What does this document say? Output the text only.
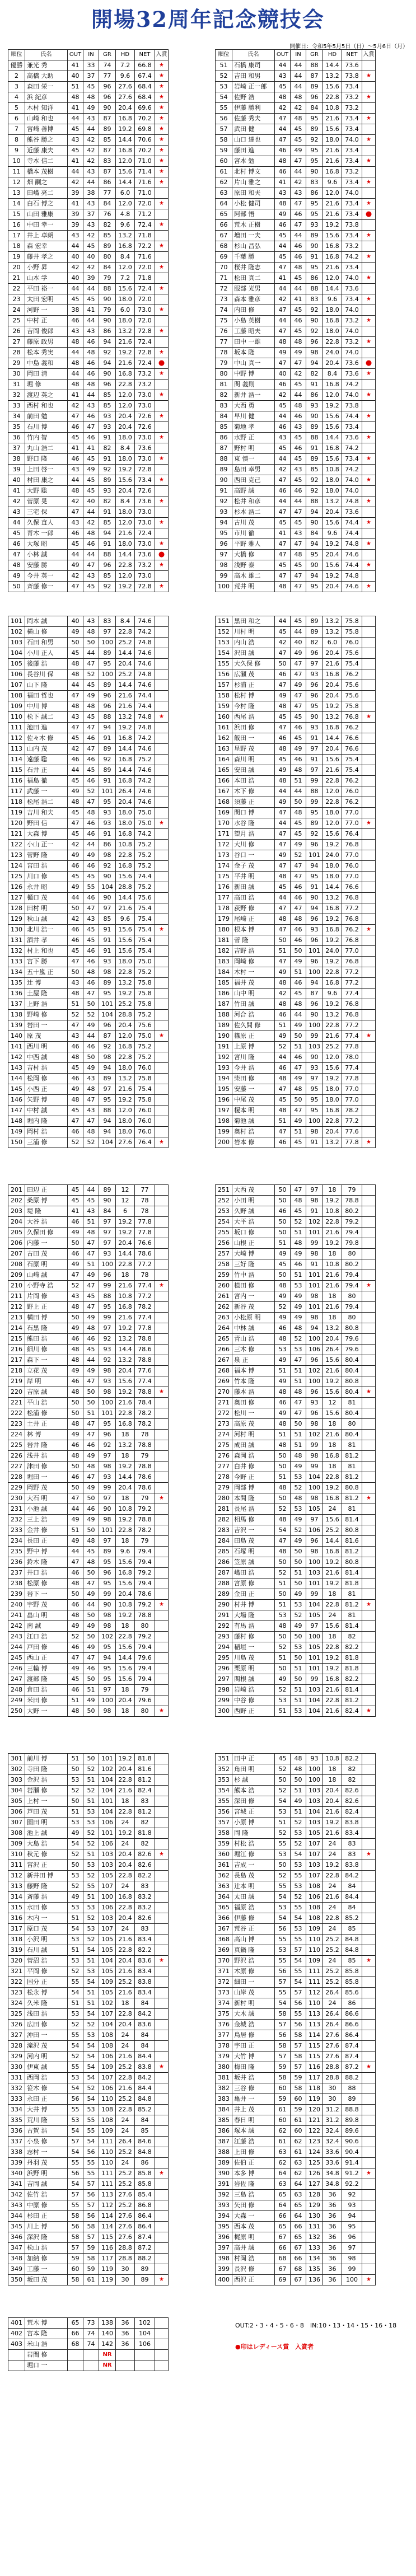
開場32周年記念競技会
開催日：令和5年5月5日（日）～5月6日（月）
順位	氏名	OUT	IN	GR	HD	NET	入賞
優勝	兼光 秀	41	33	74	7.2	66.8	★
2	高橋 大助	40	37	77	9.6	67.4	★
3	森田 栄一	51	45	96	27.6	68.4	★
4	浜 紀彦	48	48	96	27.6	68.4	★
5	木村 知洋	41	49	90	20.4	69.6	★
6	山崎 和也	44	43	87	16.8	70.2	★
7	宮崎 善博	45	44	89	19.2	69.8	★
8	熊谷 勝之	43	42	85	14.4	70.6	★
9	近藤 康夫	45	42	87	16.8	70.2	★
10	寺本 信二	41	42	83	12.0	71.0	★
11	橋本 茂樹	44	43	87	15.6	71.4	★
12	畑 嗣之	42	44	86	14.4	71.6	★
13	田嶋 亮二	39	38	77	6.0	71.0	
14	白石 博之	41	43	84	12.0	72.0	★
15	山田 雅康	39	37	76	4.8	71.2	
16	中田 幸一	39	43	82	9.6	72.4	★
17	井上 卓朗	43	42	85	13.2	71.8	
18	森 宏幸	44	45	89	16.8	72.2	★
19	藤井 孝之	40	40	80	8.4	71.6	
20	小野 昇	42	42	84	12.0	72.0	★
21	山本 学	40	39	79	7.2	71.8	
22	平田 裕一	44	44	88	15.6	72.4	★
23	太田 宏明	45	45	90	18.0	72.0	
24	河野 一	38	41	79	6.0	73.0	★
25	中村 正	46	44	90	18.0	72.0	
26	吉岡 俊郎	43	43	86	13.2	72.8	★
27	藤原 政男	48	46	94	21.6	72.4	
28	松本 秀実	44	48	92	19.2	72.8	★
29	中島 義和	48	46	94	21.6	72.4	●
30	岡田 清	44	46	90	16.8	73.2	★
31	堀 修	48	48	96	22.8	73.2	
32	渡辺 英之	41	44	85	12.0	73.0	★
33	西村 和也	42	43	85	12.0	73.0	
34	前田 勉	47	46	93	20.4	72.6	★
35	石川 博	46	47	93	20.4	72.6	
36	竹内 智	45	46	91	18.0	73.0	★
37	丸山 浩二	41	41	82	8.4	73.6	
38	野口 隆	46	45	91	18.0	73.0	★
39	上田 啓一	43	49	92	19.2	72.8	
40	村田 康之	44	45	89	15.6	73.4	★
41	大野 聡	48	45	93	20.4	72.6	
42	菅原 晃	42	40	82	8.4	73.6	★
43	三宅 保	47	44	91	18.0	73.0	
44	久保 直人	43	42	85	12.0	73.0	★
45	青木 一郎	46	48	94	21.6	72.4	
46	大塚 昭	45	46	91	18.0	73.0	★
47	小林 誠	44	44	88	14.4	73.6	●
48	安藤 勝	49	47	96	22.8	73.2	★
49	今井 英一	42	43	85	12.0	73.0	
50	斉藤 修一	47	45	92	19.2	72.8	★
順位	氏名	OUT	IN	GR	HD	NET	入賞
51	石橋 康司	44	44	88	14.4	73.6	
52	吉田 和男	43	44	87	13.2	73.8	★
53	岩崎 正一郎	45	44	89	15.6	73.4	
54	佐野 浩	48	48	96	22.8	73.2	★
55	伊藤 勝利	42	42	84	10.8	73.2	
56	佐藤 秀夫	47	48	95	21.6	73.4	★
57	武田 健	44	45	89	15.6	73.4	
58	山口 達也	47	45	92	18.0	74.0	★
59	藤田 進	46	49	95	21.6	73.4	
60	宮本 勉	48	47	95	21.6	73.4	★
61	北村 博文	46	44	90	16.8	73.2	
62	片山 雅之	41	42	83	9.6	73.4	★
63	原田 和夫	43	43	86	12.0	74.0	
64	小松 健司	48	47	95	21.6	73.4	★
65	阿部 悟	49	46	95	21.6	73.4	●
66	荒木 正樹	46	47	93	19.2	73.8	
67	増田 一夫	45	44	89	15.6	73.4	★
68	杉山 昌弘	44	46	90	16.8	73.2	
69	千葉 勝	45	46	91	16.8	74.2	★
70	桜井 隆志	47	48	95	21.6	73.4	
71	松田 真二	41	45	86	12.0	74.0	★
72	服部 光男	44	44	88	14.4	73.6	
73	森本 雅彦	42	41	83	9.6	73.4	★
74	内田 修	47	45	92	18.0	74.0	
75	小島 英樹	44	46	90	16.8	73.2	★
76	工藤 昭夫	47	45	92	18.0	74.0	
77	田中 一雄	48	48	96	22.8	73.2	★
78	坂本 隆	49	49	98	24.0	74.0	
79	中山 真一	47	47	94	20.4	73.6	●
80	中野 博	40	42	82	8.4	73.6	★
81	関 義則	46	45	91	16.8	74.2	
82	新井 浩一	42	44	86	12.0	74.0	★
83	大西 勇	45	48	93	19.2	73.8	
84	早川 健	44	46	90	15.6	74.4	★
85	菊地 孝	46	43	89	15.6	73.4	
86	水野 正	43	45	88	14.4	73.6	★
87	野村 明	45	46	91	16.8	74.2	
88	東 慎一	44	45	89	15.6	73.4	★
89	島田 幸男	42	43	85	10.8	74.2	
90	西田 克己	47	45	92	18.0	74.0	★
91	高野 誠	46	46	92	18.0	74.0	
92	松井 和彦	44	44	88	13.2	74.8	★
93	杉本 浩二	47	47	94	20.4	73.6	
94	古川 茂	45	45	90	15.6	74.4	★
95	市川 徹	41	43	84	9.6	74.4	
96	平野 雅人	47	47	94	19.2	74.8	★
97	大橋 修	47	48	95	20.4	74.6	
98	浅野 泰	45	45	90	15.6	74.4	★
99	高木 雄二	47	47	94	19.2	74.8	
100	荒井 明	48	47	95	20.4	74.6	★
101	岡本 誠	40	43	83	8.4	74.6	
102	横山 修	49	48	97	22.8	74.2	
103	石田 和男	50	50	100	25.2	74.8	
104	小川 正人	45	44	89	14.4	74.6	
105	後藤 浩	48	47	95	20.4	74.6	
106	長谷川 保	48	52	100	25.2	74.8	
107	山下 隆	44	45	89	14.4	74.6	
108	福田 哲也	47	49	96	21.6	74.4	
109	中川 博	48	48	96	21.6	74.4	
110	松下 誠二	43	45	88	13.2	74.8	★
111	池田 進	47	47	94	19.2	74.8	
112	佐々木 修	45	46	91	16.8	74.2	
113	山内 茂	42	47	89	14.4	74.6	
114	遠藤 聡	46	46	92	16.8	75.2	
115	石井 正	44	45	89	14.4	74.6	
116	福島 徹	45	46	91	16.8	74.2	
117	武藤 一	49	52	101	26.4	74.6	
118	松尾 浩二	48	47	95	20.4	74.6	
119	吉川 和夫	45	48	93	18.0	75.0	
120	野田 信	47	46	93	18.0	75.0	★
121	大森 博	45	46	91	16.8	74.2	
122	小山 正一	42	44	86	10.8	75.2	
123	菅野 隆	49	49	98	22.8	75.2	
124	宮田 浩	46	46	92	16.8	75.2	
125	川口 修	45	45	90	15.6	74.4	
126	永井 昭	49	55	104	28.8	75.2	
127	樋口 茂	44	46	90	14.4	75.6	
128	田村 明	50	47	97	21.6	75.4	
129	秋山 誠	42	43	85	9.6	75.4	
130	北川 浩一	46	45	91	15.6	75.4	★
131	酒井 孝	46	45	91	15.6	75.4	
132	村上 和也	45	46	91	15.6	75.4	
133	宮下 勝	47	46	93	18.0	75.0	
134	五十嵐 正	50	48	98	22.8	75.2	
135	辻 博	43	46	89	13.2	75.8	
136	土屋 隆	48	47	95	19.2	75.8	
137	上野 浩	51	50	101	25.2	75.8	
138	野崎 修	52	52	104	28.8	75.2	
139	岩田 一	47	49	96	20.4	75.6	
140	原 茂	43	44	87	12.0	75.0	★
141	西川 明	46	46	92	16.8	75.2	
142	中西 誠	48	50	98	22.8	75.2	
143	吉村 浩	45	49	94	18.0	76.0	
144	松岡 修	46	43	89	13.2	75.8	
145	小西 正	49	48	97	21.6	75.4	
146	矢野 博	48	47	95	19.2	75.8	
147	中村 誠	45	43	88	12.0	76.0	
148	堀内 隆	47	47	94	18.0	76.0	
149	岡村 浩	46	48	94	18.0	76.0	
150	三浦 修	52	52	104	27.6	76.4	★
151	黒田 和之	44	45	89	13.2	75.8	
152	川村 明	45	44	89	13.2	75.8	
153	内山 浩	42	40	82	6.0	76.0	
154	沢田 誠	47	49	96	20.4	75.6	
155	大久保 修	50	47	97	21.6	75.4	
156	広瀬 茂	46	47	93	16.8	76.2	
157	杉浦 正	47	49	96	20.4	75.6	
158	松村 博	49	47	96	20.4	75.6	
159	今村 隆	48	47	95	19.2	75.8	
160	西尾 浩	45	45	90	13.2	76.8	★
161	浜田 修	47	46	93	16.8	76.2	
162	飯田 一	46	45	91	14.4	76.6	
163	星野 茂	48	49	97	20.4	76.6	
164	森川 明	45	46	91	15.6	75.4	
165	安田 誠	49	48	97	21.6	75.4	
166	本田 浩	48	51	99	22.8	76.2	
167	木下 修	44	44	88	12.0	76.0	
168	須藤 正	49	50	99	22.8	76.2	
169	関口 博	47	48	95	18.0	77.0	
170	水谷 隆	44	45	89	12.0	77.0	★
171	望月 浩	47	45	92	15.6	76.4	
172	大川 修	47	49	96	19.2	76.8	
173	谷口 一	49	52	101	24.0	77.0	
174	金子 茂	47	47	94	18.0	76.0	
175	平井 明	48	47	95	18.0	77.0	
176	新田 誠	45	46	91	14.4	76.6	
177	高田 浩	44	46	90	13.2	76.8	
178	荻野 修	47	47	94	16.8	77.2	
179	尾崎 正	48	48	96	19.2	76.8	
180	根本 博	47	46	93	16.8	76.2	★
181	菅 隆	50	46	96	19.2	76.8	
182	吉野 浩	51	50	101	24.0	77.0	
183	岡崎 修	47	49	96	19.2	76.8	
184	木村 一	49	51	100	22.8	77.2	
185	福井 茂	48	46	94	16.8	77.2	
186	山中 明	42	45	87	9.6	77.4	
187	竹田 誠	48	48	96	19.2	76.8	
188	河合 浩	46	44	90	13.2	76.8	
189	佐久間 修	51	49	100	22.8	77.2	
190	篠原 正	49	50	99	21.6	77.4	★
191	上原 博	52	51	103	25.2	77.8	
192	宮川 隆	44	46	90	12.0	78.0	
193	今井 浩	46	47	93	15.6	77.4	
194	柴田 修	48	49	97	19.2	77.8	
195	安藤 一	47	48	95	18.0	77.0	
196	中尾 茂	45	50	95	18.0	77.0	
197	榎本 明	48	47	95	16.8	78.2	
198	菊池 誠	51	49	100	22.8	77.2	
199	奥村 浩	47	51	98	20.4	77.6	
200	岩本 修	46	45	91	13.2	77.8	★
201	田辺 正	45	44	89	12	77	
202	桑原 博	45	45	90	12	78	
203	堤 隆	41	43	84	6	78	
204	大谷 浩	46	51	97	19.2	77.8	
205	久保田 修	49	48	97	19.2	77.8	
206	内藤 一	50	47	97	20.4	76.6	
207	古田 茂	46	47	93	14.4	78.6	
208	石原 明	49	51	100	22.8	77.2	
209	山崎 誠	47	49	96	18	78	
210	小野寺 浩	52	47	99	21.6	77.4	★
211	片岡 修	43	45	88	10.8	77.2	
212	野上 正	48	47	95	16.8	78.2	
213	横田 博	50	49	99	21.6	77.4	
214	石黒 隆	49	48	97	19.2	77.8	
215	熊田 浩	46	46	92	13.2	78.8	
216	細川 修	48	45	93	14.4	78.6	
217	森下 一	48	44	92	13.2	78.8	
218	立花 茂	49	49	98	20.4	77.6	
219	岸 明	46	47	93	15.6	77.4	
220	吉原 誠	48	50	98	19.2	78.8	★
221	平山 浩	50	50	100	21.6	78.4	
222	松浦 修	50	51	101	22.8	78.2	
223	土井 正	48	47	95	16.8	78.2	
224	林 博	49	47	96	18	78	
225	岩井 隆	46	46	92	13.2	78.8	
226	浅井 浩	48	49	97	18	79	
227	津田 修	50	48	98	19.2	78.8	
228	堀田 一	46	47	93	14.4	78.6	
229	岡野 茂	50	49	99	20.4	78.6	
230	大石 明	47	50	97	18	79	★
231	小池 誠	44	46	90	10.8	79.2	
232	三上 浩	49	49	98	19.2	78.8	
233	金井 修	51	50	101	22.8	78.2	
234	長田 正	49	48	97	18	79	
235	野中 博	44	45	89	9.6	79.4	
236	鈴木 隆	47	48	95	15.6	79.4	
237	井口 浩	46	50	96	16.8	79.2	
238	松原 修	48	47	95	15.6	79.4	
239	岩下 一	50	49	99	20.4	78.6	
240	宇野 茂	46	44	90	10.8	79.2	★
241	畠山 明	48	50	98	19.2	78.8	
242	南 誠	49	49	98	18	80	
243	江口 浩	52	50	102	22.8	79.2	
244	戸田 修	46	49	95	15.6	79.4	
245	西山 正	47	47	94	14.4	79.6	
246	三輪 博	49	46	95	15.6	79.4	
247	渡部 隆	45	50	95	15.6	79.4	
248	倉田 浩	46	51	97	18	79	
249	米田 修	51	49	100	20.4	79.6	
250	大野 一	48	50	98	18	80	★
251	大西 茂	50	47	97	18	79	
252	小田 明	50	48	98	19.2	78.8	
253	久野 誠	46	45	91	10.8	80.2	
254	大平 浩	50	52	102	22.8	79.2	
255	坂口 修	50	51	101	21.6	79.4	
256	山根 正	51	48	99	19.2	79.8	
257	大崎 博	49	49	98	18	80	
258	三好 隆	45	46	91	10.8	80.2	
259	竹中 浩	50	51	101	21.6	79.4	
260	植田 修	48	53	101	21.6	79.4	★
261	宮内 一	49	49	98	18	80	
262	新谷 茂	52	49	101	21.6	79.4	
263	小松原 明	49	49	98	18	80	
264	中林 誠	46	48	94	13.2	80.8	
265	青山 浩	48	52	100	20.4	79.6	
266	三木 修	53	53	106	26.4	79.6	
267	泉 正	49	47	96	15.6	80.4	
268	福本 博	51	51	102	21.6	80.4	
269	竹本 隆	49	51	100	19.2	80.8	
270	藤本 浩	48	48	96	15.6	80.4	★
271	奥田 修	46	47	93	12	81	
272	松川 一	49	47	96	15.6	80.4	
273	高原 茂	48	50	98	18	80	
274	河村 明	51	51	102	21.6	80.4	
275	成田 誠	48	51	99	18	81	
276	森岡 浩	50	48	98	16.8	81.2	
277	白井 修	50	49	99	18	81	
278	今野 正	51	53	104	22.8	81.2	
279	岡部 博	48	52	100	19.2	80.8	
280	本間 隆	50	48	98	16.8	81.2	★
281	長尾 浩	52	53	105	24	81	
282	相馬 修	48	49	97	15.6	81.4	
283	吉沢 一	54	52	106	25.2	80.8	
284	田島 茂	47	49	96	14.4	81.6	
285	石塚 明	48	50	98	16.8	81.2	
286	笠原 誠	50	50	100	19.2	80.8	
287	嶋田 浩	52	51	103	21.6	81.4	
288	宮原 修	51	50	101	19.2	81.8	
289	金田 正	50	49	99	18	81	
290	村井 博	51	53	104	22.8	81.2	★
291	大場 隆	53	52	105	24	81	
292	有馬 浩	48	49	97	15.6	81.4	
293	藤村 修	50	50	100	18	82	
294	稲垣 一	52	53	105	22.8	82.2	
295	川島 茂	51	50	101	19.2	81.8	
296	栗原 明	50	51	101	19.2	81.8	
297	関根 誠	49	50	99	16.8	82.2	
298	岩崎 浩	52	51	103	21.6	81.4	
299	中谷 修	53	51	104	22.8	81.2	
300	西野 正	51	53	104	21.6	82.4	★
301	前川 博	51	50	101	19.2	81.8	
302	寺田 隆	50	52	102	20.4	81.6	
303	金沢 浩	53	51	104	22.8	81.2	
304	岩瀬 修	52	52	104	21.6	82.4	
305	上村 一	50	51	101	18	83	
306	芦田 茂	51	53	104	22.8	81.2	
307	園田 明	53	53	106	24	82	
308	池上 誠	49	52	101	19.2	81.8	
309	大島 浩	54	52	106	24	82	
310	秋元 修	52	51	103	20.4	82.6	★
311	宮沢 正	50	53	103	20.4	82.6	
312	新井田 博	53	52	105	22.8	82.2	
313	藤野 隆	52	55	107	24	83	
314	斎藤 浩	49	51	100	16.8	83.2	
315	水田 修	53	53	106	22.8	83.2	
316	木内 一	51	52	103	20.4	82.6	
317	原口 茂	54	53	107	24	83	
318	小沢 明	53	52	105	21.6	83.4	
319	石川 誠	51	54	105	22.8	82.2	
320	菅沼 浩	53	51	104	20.4	83.6	★
321	平岡 修	52	53	105	21.6	83.4	
322	国分 正	55	54	109	25.2	83.8	
323	松永 博	54	51	105	21.6	83.4	
324	久米 隆	51	51	102	18	84	
325	浅田 浩	53	54	107	22.8	84.2	
326	広田 修	52	52	104	20.4	83.6	
327	沖田 一	55	53	108	24	84	
328	滝沢 茂	54	54	108	24	84	
329	河内 明	52	54	106	21.6	84.4	
330	伊東 誠	55	54	109	25.2	83.8	★
331	西岡 浩	53	54	107	22.8	84.2	
332	笹木 修	54	52	106	21.6	84.4	
333	永田 正	56	54	110	25.2	84.8	
334	大井 博	55	53	108	22.8	85.2	
335	荒川 隆	53	55	108	24	84	
336	古賀 浩	54	55	109	24	85	
337	小泉 修	57	54	111	26.4	84.6	
338	志村 一	54	56	110	25.2	84.8	
339	丹羽 茂	55	55	110	24	86	
340	浜野 明	56	55	111	25.2	85.8	★
341	吉岡 誠	54	57	111	25.2	85.8	
342	佐竹 浩	57	56	113	27.6	85.4	
343	中原 修	55	57	112	25.2	86.8	
344	杉田 正	58	56	114	27.6	86.4	
345	川上 博	56	58	114	27.6	86.4	
346	深沢 隆	58	57	115	27.6	87.4	
347	松山 浩	57	59	116	28.8	87.2	
348	加納 修	59	58	117	28.8	88.2	
349	工藤 一	60	59	119	30	89	
350	坂田 茂	58	61	119	30	89	★
351	田中 正	45	48	93	10.8	82.2	
352	角田 明	52	48	100	18	82	
353	杉 誠	50	50	100	18	82	
354	熊本 浩	52	51	103	20.4	82.6	
355	深田 修	54	49	103	20.4	82.6	
356	宮城 正	53	51	104	21.6	82.4	
357	小原 博	51	52	103	19.2	83.8	
358	岡 隆	52	53	105	21.6	83.4	
359	村松 浩	55	52	107	24	83	
360	堀江 修	53	54	107	24	83	★
361	吉成 一	50	53	103	19.2	83.8	
362	長島 茂	52	55	107	22.8	84.2	
363	辻本 明	55	53	108	24	84	
364	太田 誠	54	52	106	21.6	84.4	
365	福原 浩	53	55	108	24	84	
366	伊藤 修	54	54	108	22.8	85.2	
367	荒谷 正	56	53	109	24	85	
368	高山 博	55	55	110	25.2	84.8	
369	真鍋 隆	53	57	110	25.2	84.8	
370	野沢 浩	55	54	109	24	85	★
371	木原 修	56	55	111	25.2	85.8	
372	細田 一	57	54	111	25.2	85.8	
373	山岸 茂	55	57	112	26.4	85.6	
374	新村 明	54	56	110	24	86	
375	大木 誠	58	55	113	26.4	86.6	
376	金城 浩	57	56	113	26.4	86.6	
377	鳥居 修	56	58	114	27.6	86.4	
378	宇田 正	58	57	115	27.6	87.4	
379	大竹 博	57	58	115	27.6	87.4	
380	梅田 隆	59	57	116	28.8	87.2	★
381	坂井 浩	58	59	117	28.8	88.2	
382	三谷 修	60	58	118	30	88	
383	亀井 一	59	60	119	30	89	
384	井上 茂	61	59	120	31.2	88.8	
385	春日 明	60	61	121	31.2	89.8	
386	塚本 誠	62	60	122	32.4	89.6	
387	江藤 浩	61	62	123	32.4	90.6	
388	上田 修	63	61	124	33.6	90.4	
389	佐伯 正	62	63	125	33.6	91.4	
390	本多 博	64	62	126	34.8	91.2	★
391	岩佐 隆	63	64	127	34.8	92.2	
392	三島 浩	65	63	128	36	92	
393	矢田 修	64	65	129	36	93	
394	大森 一	66	64	130	36	94	
395	西本 茂	65	66	131	36	95	
396	梶原 明	67	65	132	36	96	
397	高井 誠	66	67	133	36	97	
398	村岡 浩	68	66	134	36	98	
399	長沢 修	67	68	135	36	99	
400	西沢 正	69	67	136	36	100	★
401	荒木 博	65	73	138	36	102	
402	宮本 隆	66	74	140	36	104	
403	米山 浩	68	74	142	36	106	
	岩間 修			NR			
	堀口 一			NR			
OUT:2・3・4・5・6・8　IN:10・13・14・15・16・18
●印はレディース賞　入賞者
